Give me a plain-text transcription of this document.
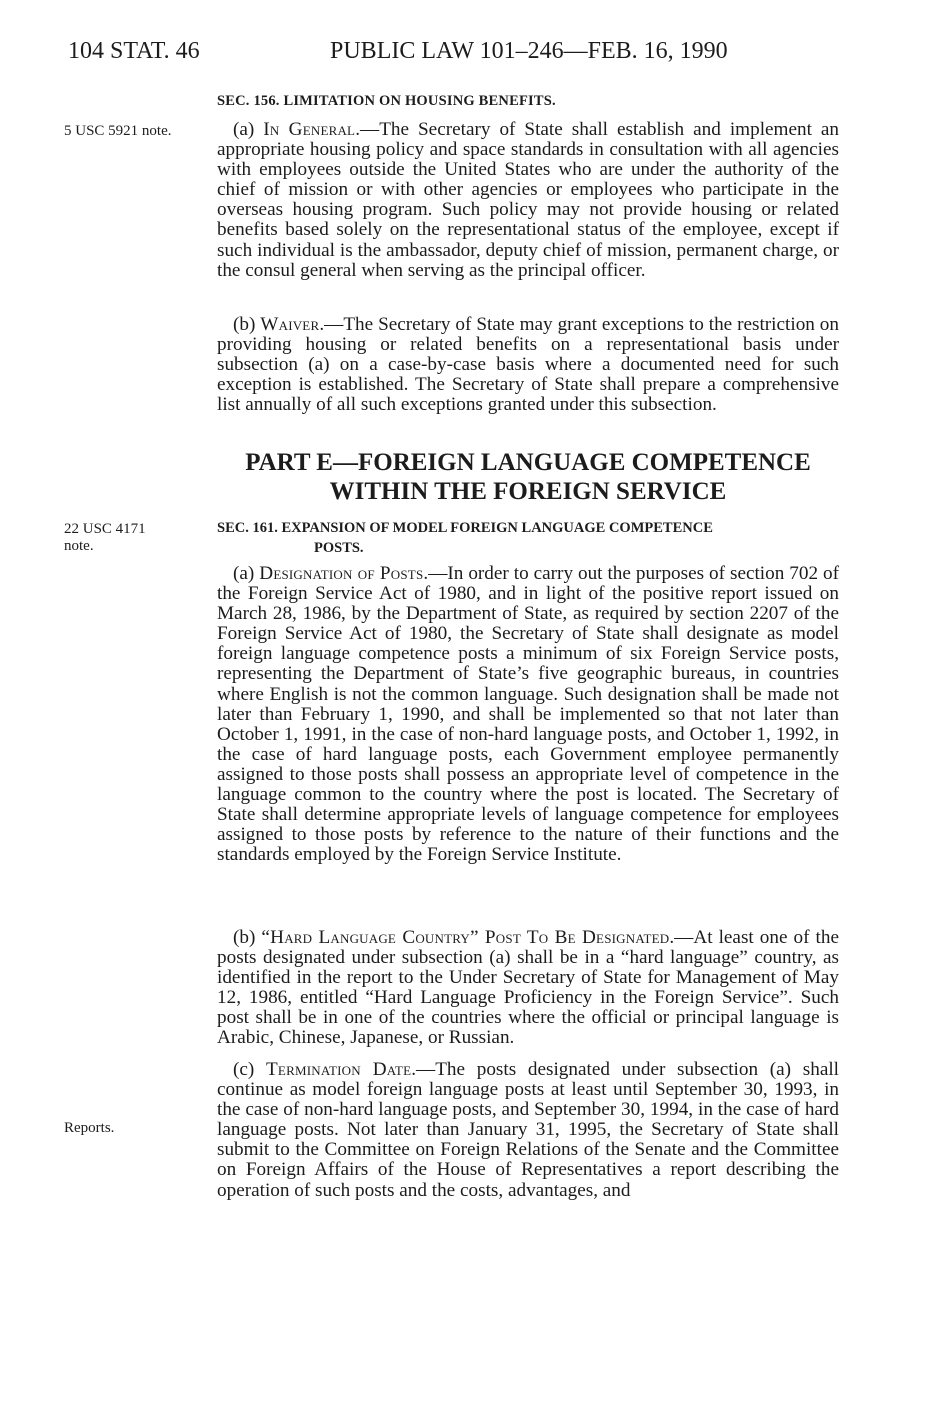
104 STAT. 46	PUBLIC LAW 101–246—FEB. 16, 1990
SEC. 156. LIMITATION ON HOUSING BENEFITS.
5 USC 5921 note.	(a) In General.—The Secretary of State shall establish and implement an appropriate housing policy and space standards in consultation with all agencies with employees outside the United States who are under the authority of the chief of mission or with other agencies or employees who participate in the overseas housing program. Such policy may not provide housing or related benefits based solely on the representational status of the employee, except if such individual is the ambassador, deputy chief of mission, permanent charge, or the consul general when serving as the principal officer.

(b) Waiver.—The Secretary of State may grant exceptions to the restriction on providing housing or related benefits on a representational basis under subsection (a) on a case-by-case basis where a documented need for such exception is established. The Secretary of State shall prepare a comprehensive list annually of all such exceptions granted under this subsection.

PART E—FOREIGN LANGUAGE COMPETENCE
WITHIN THE FOREIGN SERVICE
22 USC 4171
note.
SEC. 161. EXPANSION OF MODEL FOREIGN LANGUAGE COMPETENCE
POSTS.

(a) Designation of Posts.—In order to carry out the purposes of section 702 of the Foreign Service Act of 1980, and in light of the positive report issued on March 28, 1986, by the Department of State, as required by section 2207 of the Foreign Service Act of 1980, the Secretary of State shall designate as model foreign language competence posts a minimum of six Foreign Service posts, representing the Department of State’s five geographic bureaus, in countries where English is not the common language. Such designation shall be made not later than February 1, 1990, and shall be implemented so that not later than October 1, 1991, in the case of non-hard language posts, and October 1, 1992, in the case of hard language posts, each Government employee permanently assigned to those posts shall possess an appropriate level of competence in the language common to the country where the post is located. The Secretary of State shall determine appropriate levels of language competence for employees assigned to those posts by reference to the nature of their functions and the standards employed by the Foreign Service Institute.

(b) “Hard Language Country” Post To Be Designated.—At least one of the posts designated under subsection (a) shall be in a “hard language” country, as identified in the report to the Under Secretary of State for Management of May 12, 1986, entitled “Hard Language Proficiency in the Foreign Service”. Such post shall be in one of the countries where the official or principal language is Arabic, Chinese, Japanese, or Russian.

Reports.

(c) Termination Date.—The posts designated under subsection (a) shall continue as model foreign language posts at least until September 30, 1993, in the case of non-hard language posts, and September 30, 1994, in the case of hard language posts. Not later than January 31, 1995, the Secretary of State shall submit to the Committee on Foreign Relations of the Senate and the Committee on Foreign Affairs of the House of Representatives a report describing the operation of such posts and the costs, advantages, and
